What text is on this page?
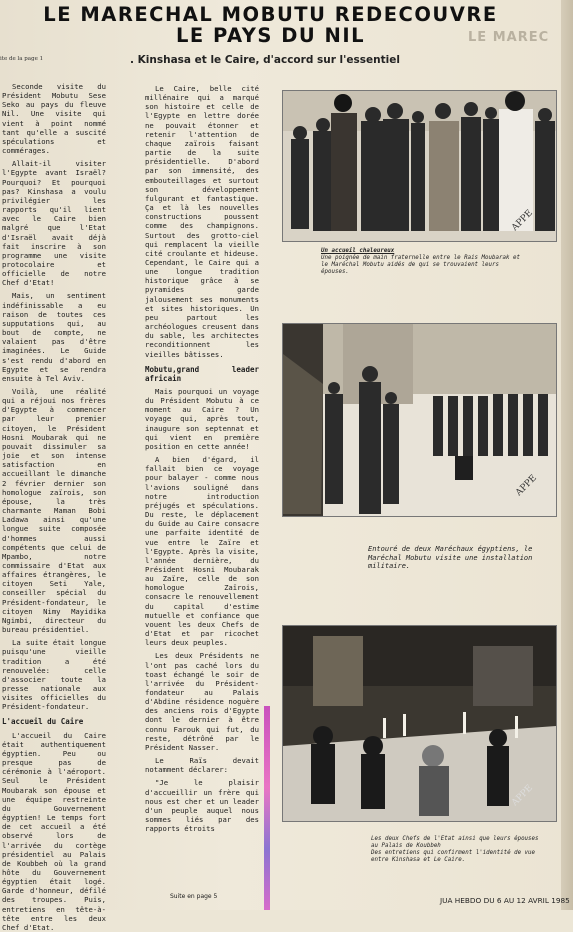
LE MAREC
LE MARECHAL MOBUTU REDECOUVRE
LE PAYS DU NIL
. Kinshasa et le Caire, d'accord sur l'essentiel
ite de la page 1

Seconde visite du Président Mobutu Sese Seko au pays du fleuve Nil. Une visite qui vient à point nommé tant qu'elle a suscité spéculations et commérages.

Allait-il visiter l'Egypte avant Israël? Pourquoi? Et pourquoi pas? Kinshasa a voulu privilégier les rapports qu'il lient avec le Caire bien malgré que l'Etat d'Israël avait déjà fait inscrire à son programme une visite protocolaire et officielle de notre Chef d'Etat!

Mais, un sentiment indéfinissable a eu raison de toutes ces supputations qui, au bout de compte, ne valaient pas d'être imaginées. Le Guide s'est rendu d'abord en Egypte et se rendra ensuite à Tel Aviv.

Voilà, une réalité qui a réjoui nos frères d'Egypte à commencer par leur premier citoyen, le Président Hosni Moubarak qui ne pouvait dissimuler sa joie et son intense satisfaction en accueillant le dimanche 2 février dernier son homologue zaïrois, son épouse, la très charmante Maman Bobi Ladawa ainsi qu'une longue suite composée d'hommes aussi compétents que celui de Mpambo, notre commissaire d'Etat aux affaires étrangères, le citoyen Seti Yale, conseiller spécial du Président-fondateur, le citoyen Nimy Mayidika Ngimbi, directeur du bureau présidentiel.

La suite était longue puisqu'une vieille tradition a été renouvelée: celle d'associer toute la presse nationale aux visites officielles du Président-fondateur.

L'accueil du Caire

L'accueil du Caire était authentiquement égyptien. Peu ou presque pas de cérémonie à l'aéroport. Seul le Président Moubarak son épouse et une équipe restreinte du Gouvernement égyptien! Le temps fort de cet accueil a été observé lors de l'arrivée du cortège présidentiel au Palais de Koubbeh où la grand hôte du Gouvernement égyptien était logé. Garde d'honneur, défilé des troupes. Puis, entretiens en tête-à-tête entre les deux Chef d'Etat.

Le Caire, belle cité millénaire qui a marqué son histoire et celle de l'Egypte en lettre dorée ne pouvait étonner et retenir l'attention de chaque zaïrois faisant partie de la suite présidentielle. D'abord par son immensité, des embouteillages et surtout son développement fulgurant et fantastique. Ça et là les nouvelles constructions poussent comme des champignons. Surtout des grotto-ciel qui remplacent la vieille cité croulante et hideuse. Cependant, le Caire qui a une longue tradition historique grâce à se pyramides garde jalousement ses monuments et sites historiques. Un peu partout les archéologues creusent dans du sable, les architectes reconditionnent les vieilles bâtisses.

Mobutu,grand leader africain

Mais pourquoi un voyage du Président Mobutu à ce moment au Caire ? Un voyage qui, après tout, inaugure son septennat et qui vient en première position en cette année!

A bien d'égard, il fallait bien ce voyage pour balayer - comme nous l'avions souligné dans notre introduction préjugés et spéculations. Du reste, le déplacement du Guide au Caire consacre une parfaite identité de vue entre le Zaïre et l'Egypte. Après la visite, l'année dernière, du Président Hosni Moubarak au Zaïre, celle de son homologue Zaïrois, consacre le renouvellement du capital d'estime mutuelle et confiance que vouent les deux Chefs de d'Etat et par ricochet leurs deux peuples.

Les deux Présidents ne l'ont pas caché lors du toast échangé le soir de l'arrivée du Président-fondateur au Palais d'Abdine résidence noguère des anciens rois d'Egypte dont le dernier à être connu Farouk qui fut, du reste, détrôné par le Président Nasser.

Le Raïs devait notamment déclarer:

"Je le plaisir d'accueillir un frère qui nous est cher et un leader d'un peuple auquel nous sommes liés par des rapports étroits

APPE
Un accueil chaleureux
Une poignée de main fraternelle entre le Rais Moubarak et le Maréchal Mobutu aidés de qui se trouvaient leurs épouses.
APPE
Entouré de deux Maréchaux égyptiens, le Maréchal Mobutu visite une installation militaire.
APPE
Les deux Chefs de l'Etat ainsi que leurs épouses
au Palais de Koubbeh
Des entretiens qui confirment l'identité de vue
entre Kinshasa et Le Caire.
Suite en page 5	JUA HEBDO DU 6 AU 12 AVRIL 1985
